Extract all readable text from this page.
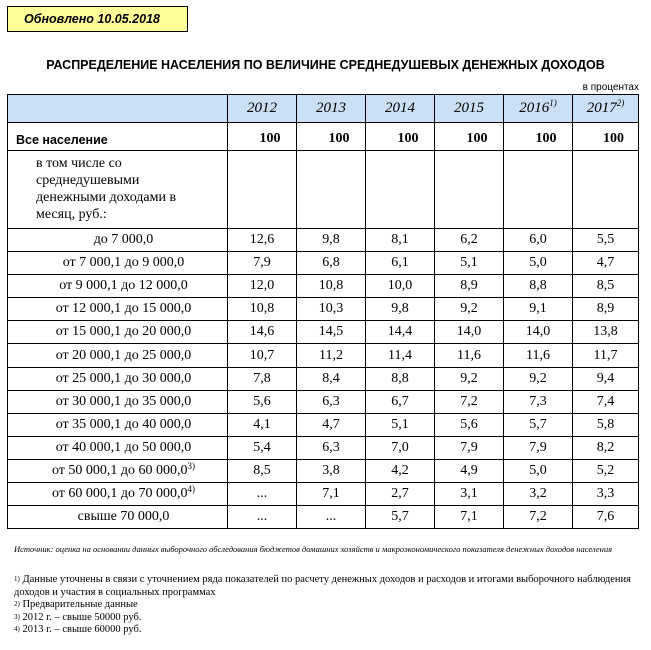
Обновлено 10.05.2018
РАСПРЕДЕЛЕНИЕ НАСЕЛЕНИЯ ПО ВЕЛИЧИНЕ СРЕДНЕДУШЕВЫХ ДЕНЕЖНЫХ ДОХОДОВ
в процентах
	2012	2013	2014	2015	2016$^{1)}$	2017$^{2)}$
Все население	100	100	100	100	100	100
в том числе со среднедушевыми денежными доходами в месяц, руб.:						
до 7 000,0	12,6	9,8	8,1	6,2	6,0	5,5
от 7 000,1 до 9 000,0	7,9	6,8	6,1	5,1	5,0	4,7
от 9 000,1 до 12 000,0	12,0	10,8	10,0	8,9	8,8	8,5
от 12 000,1 до 15 000,0	10,8	10,3	9,8	9,2	9,1	8,9
от 15 000,1 до 20 000,0	14,6	14,5	14,4	14,0	14,0	13,8
от 20 000,1 до 25 000,0	10,7	11,2	11,4	11,6	11,6	11,7
от 25 000,1 до 30 000,0	7,8	8,4	8,8	9,2	9,2	9,4
от 30 000,1 до 35 000,0	5,6	6,3	6,7	7,2	7,3	7,4
от 35 000,1 до 40 000,0	4,1	4,7	5,1	5,6	5,7	5,8
от 40 000,1 до 50 000,0	5,4	6,3	7,0	7,9	7,9	8,2
от 50 000,1 до 60 000,0$^{3)}$	8,5	3,8	4,2	4,9	5,0	5,2
от 60 000,1 до 70 000,0$^{4)}$	...	7,1	2,7	3,1	3,2	3,3
свыше 70 000,0	...	...	5,7	7,1	7,2	7,6
Источник: оценка на основании данных выборочного обследования бюджетов домашних хозяйств и макроэкономического показателя денежных доходов населения
$^{1)}$ Данные уточнены в связи с уточнением ряда показателей по расчету денежных доходов и расходов и итогами выборочного наблюдения доходов и участия в социальных программах
$^{2)}$ Предварительные данные
$^{3)}$ 2012 г. – свыше 50000 руб.
$^{4)}$ 2013 г. – свыше 60000 руб.
